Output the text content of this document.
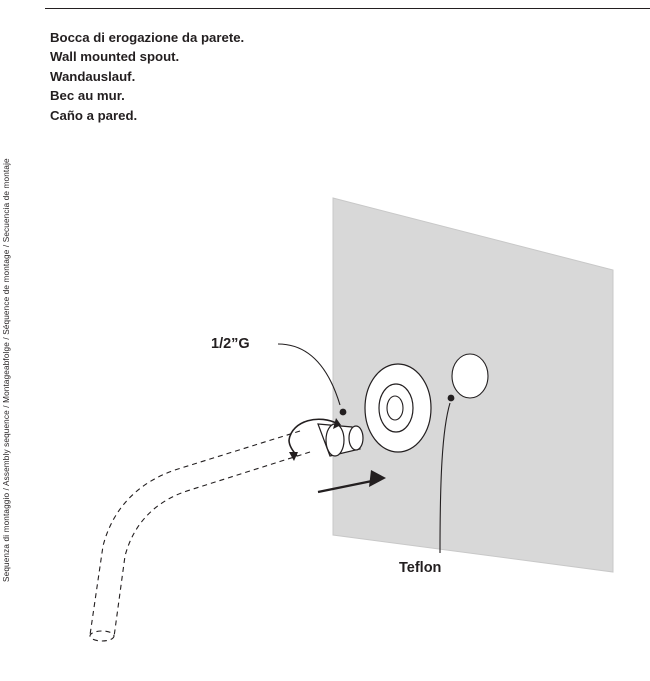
Sequenza di montaggio / Assembly sequence / Montageabfolge / Séquence de montage / Secuencia de montaje
Bocca di erogazione da parete.
Wall mounted spout.
Wandauslauf.
Bec au mur.
Caño a pared.
1/2”G
Teflon
